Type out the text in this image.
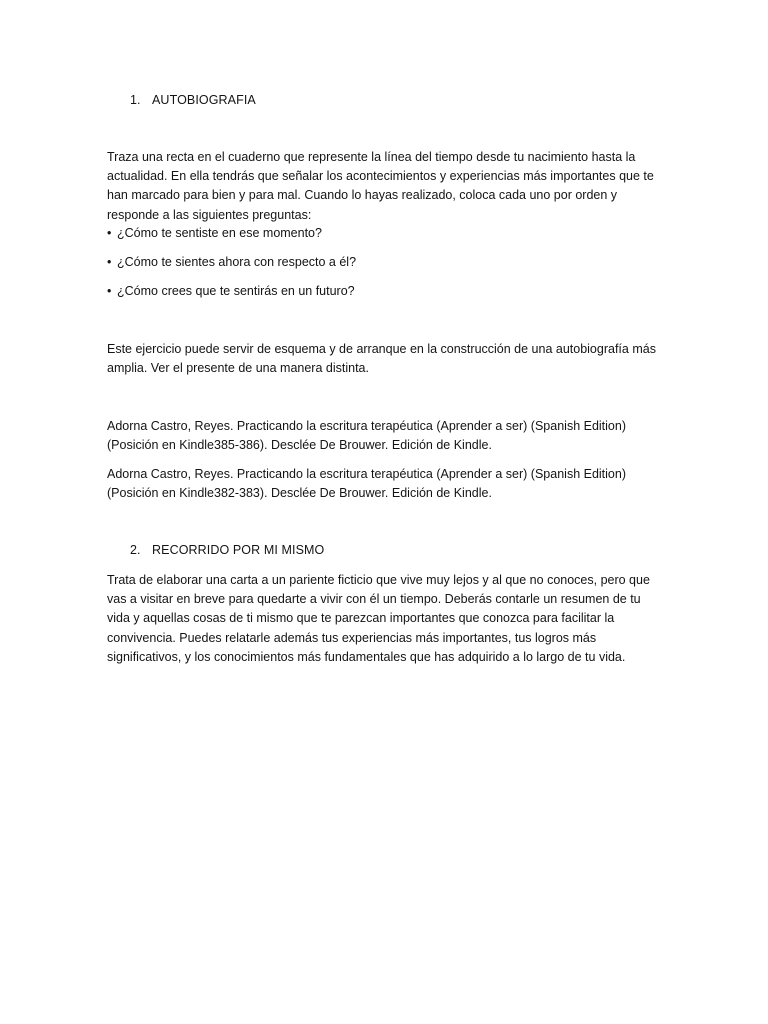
1. AUTOBIOGRAFIA
Traza una recta en el cuaderno que represente la línea del tiempo desde tu nacimiento hasta la
actualidad. En ella tendrás que señalar los acontecimientos y experiencias más importantes que te
han marcado para bien y para mal. Cuando lo hayas realizado, coloca cada uno por orden y
responde a las siguientes preguntas:
• ¿Cómo te sentiste en ese momento?
• ¿Cómo te sientes ahora con respecto a él?
• ¿Cómo crees que te sentirás en un futuro?
Este ejercicio puede servir de esquema y de arranque en la construcción de una autobiografía más
amplia. Ver el presente de una manera distinta.
Adorna Castro, Reyes. Practicando la escritura terapéutica (Aprender a ser) (Spanish Edition)
(Posición en Kindle385-386). Desclée De Brouwer. Edición de Kindle.
Adorna Castro, Reyes. Practicando la escritura terapéutica (Aprender a ser) (Spanish Edition)
(Posición en Kindle382-383). Desclée De Brouwer. Edición de Kindle.
2. RECORRIDO POR MI MISMO
Trata de elaborar una carta a un pariente ficticio que vive muy lejos y al que no conoces, pero que
vas a visitar en breve para quedarte a vivir con él un tiempo. Deberás contarle un resumen de tu
vida y aquellas cosas de ti mismo que te parezcan importantes que conozca para facilitar la
convivencia. Puedes relatarle además tus experiencias más importantes, tus logros más
significativos, y los conocimientos más fundamentales que has adquirido a lo largo de tu vida.
